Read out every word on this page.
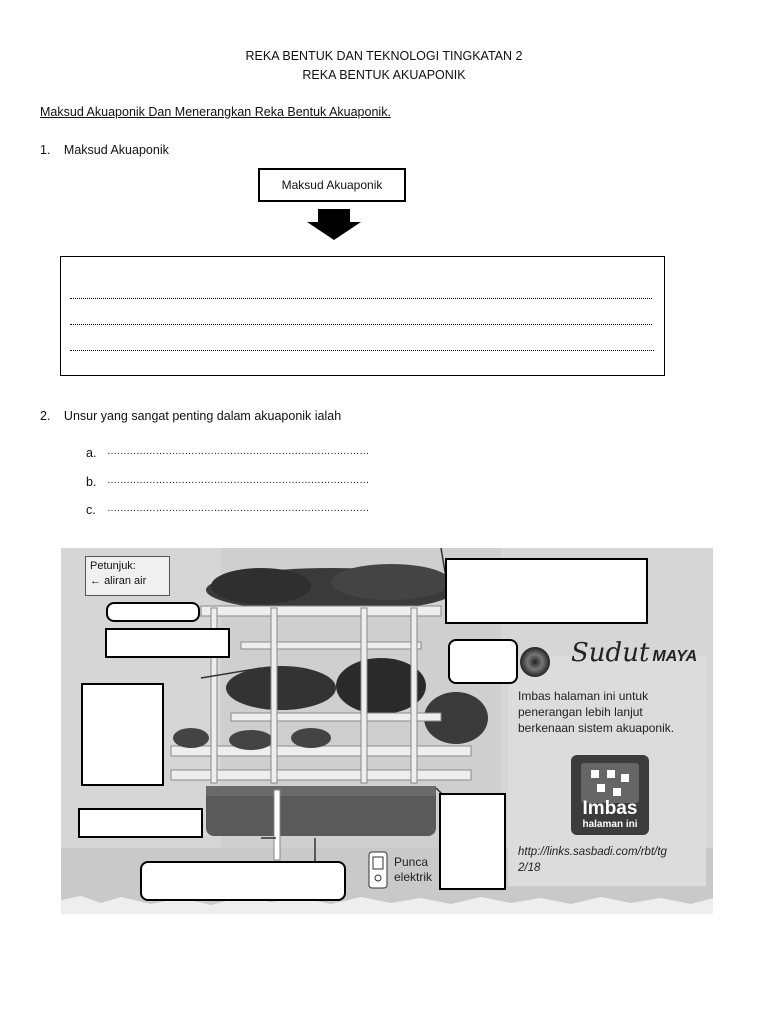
REKA BENTUK DAN TEKNOLOGI TINGKATAN 2
REKA BENTUK AKUAPONIK
Maksud Akuaponik Dan Menerangkan Reka Bentuk Akuaponik.
1. Maksud Akuaponik
Maksud Akuaponik
2. Unsur yang sangat penting dalam akuaponik ialah
a. ………………………………………………………………………
b. ………………………………………………………………………
c. ………………………………………………………………………
Petunjuk:
← aliran air
Sudut MAYA
Imbas halaman ini untuk penerangan lebih lanjut berkenaan sistem akuaponik.
Imbas
halaman ini
http://links.sasbadi.com/rbt/tg2/18
Punca
elektrik
